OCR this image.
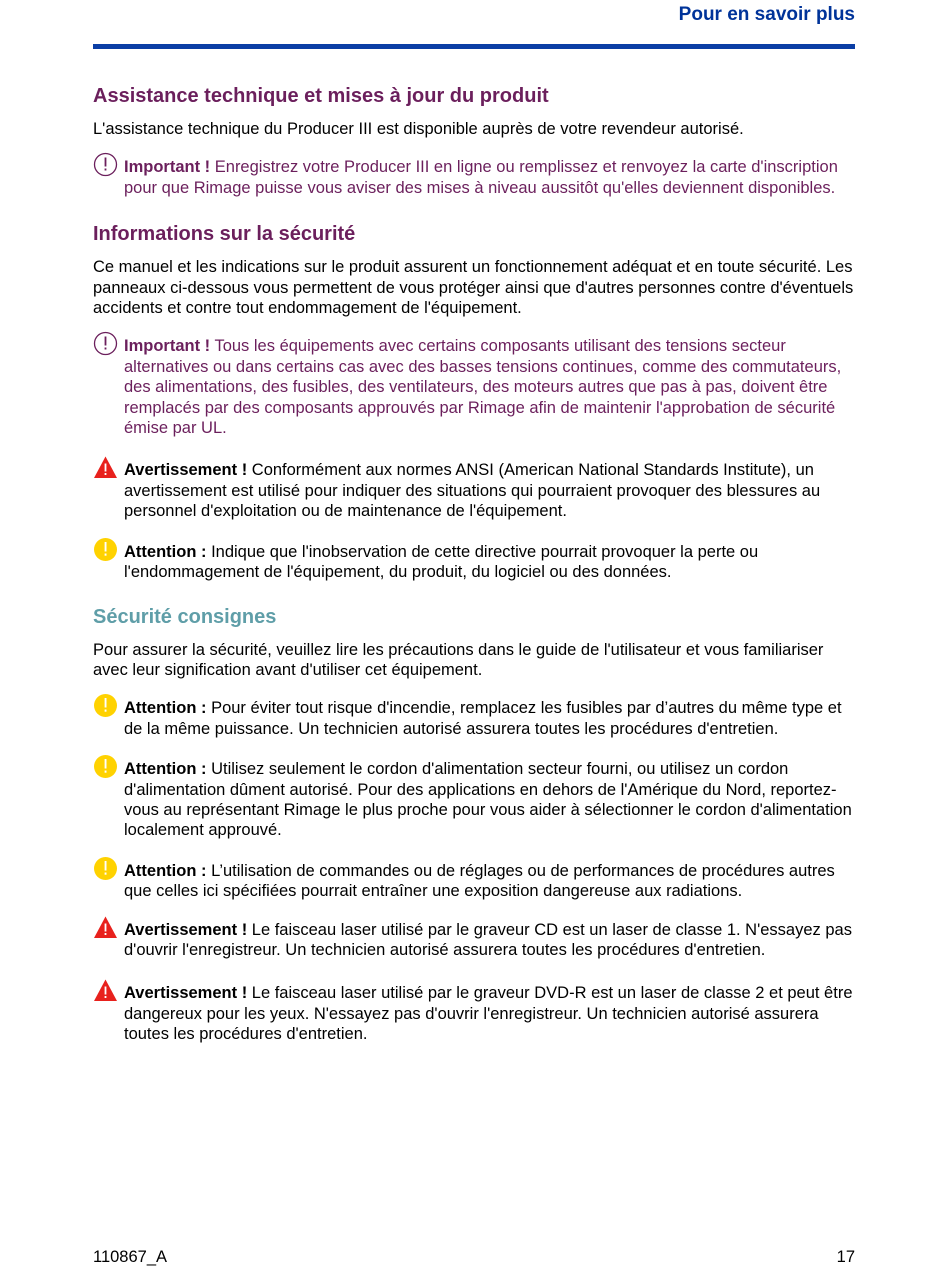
Pour en savoir plus
Assistance technique et mises à jour du produit

L'assistance technique du Producer III est disponible auprès de votre revendeur autorisé.

Important ! Enregistrez votre Producer III en ligne ou remplissez et renvoyez la carte d'inscription pour que Rimage puisse vous aviser des mises à niveau aussitôt qu'elles deviennent disponibles.
Informations sur la sécurité

Ce manuel et les indications sur le produit assurent un fonctionnement adéquat et en toute sécurité. Les panneaux ci-dessous vous permettent de vous protéger ainsi que d'autres personnes contre d'éventuels accidents et contre tout endommagement de l'équipement.

Important ! Tous les équipements avec certains composants utilisant des tensions secteur alternatives ou dans certains cas avec des basses tensions continues, comme des commutateurs, des alimentations, des fusibles, des ventilateurs, des moteurs autres que pas à pas, doivent être remplacés par des composants approuvés par Rimage afin de maintenir l'approbation de sécurité émise par UL.
Avertissement ! Conformément aux normes ANSI (American National Standards Institute), un avertissement est utilisé pour indiquer des situations qui pourraient provoquer des blessures au personnel d'exploitation ou de maintenance de l'équipement.
Attention : Indique que l'inobservation de cette directive pourrait provoquer la perte ou l'endommagement de l'équipement, du produit, du logiciel ou des données.
Sécurité consignes

Pour assurer la sécurité, veuillez lire les précautions dans le guide de l'utilisateur et vous familiariser avec leur signification avant d'utiliser cet équipement.

Attention : Pour éviter tout risque d'incendie, remplacez les fusibles par d’autres du même type et de la même puissance. Un technicien autorisé assurera toutes les procédures d'entretien.
Attention : Utilisez seulement le cordon d'alimentation secteur fourni, ou utilisez un cordon d'alimentation dûment autorisé. Pour des applications en dehors de l'Amérique du Nord, reportez-vous au représentant Rimage le plus proche pour vous aider à sélectionner le cordon d'alimentation localement approuvé.
Attention : L’utilisation de commandes ou de réglages ou de performances de procédures autres que celles ici spécifiées pourrait entraîner une exposition dangereuse aux radiations.
Avertissement ! Le faisceau laser utilisé par le graveur CD est un laser de classe 1. N'essayez pas d'ouvrir l'enregistreur. Un technicien autorisé assurera toutes les procédures d'entretien.
Avertissement ! Le faisceau laser utilisé par le graveur DVD-R est un laser de classe 2 et peut être dangereux pour les yeux. N'essayez pas d'ouvrir l'enregistreur. Un technicien autorisé assurera toutes les procédures d'entretien.
110867_A	17
